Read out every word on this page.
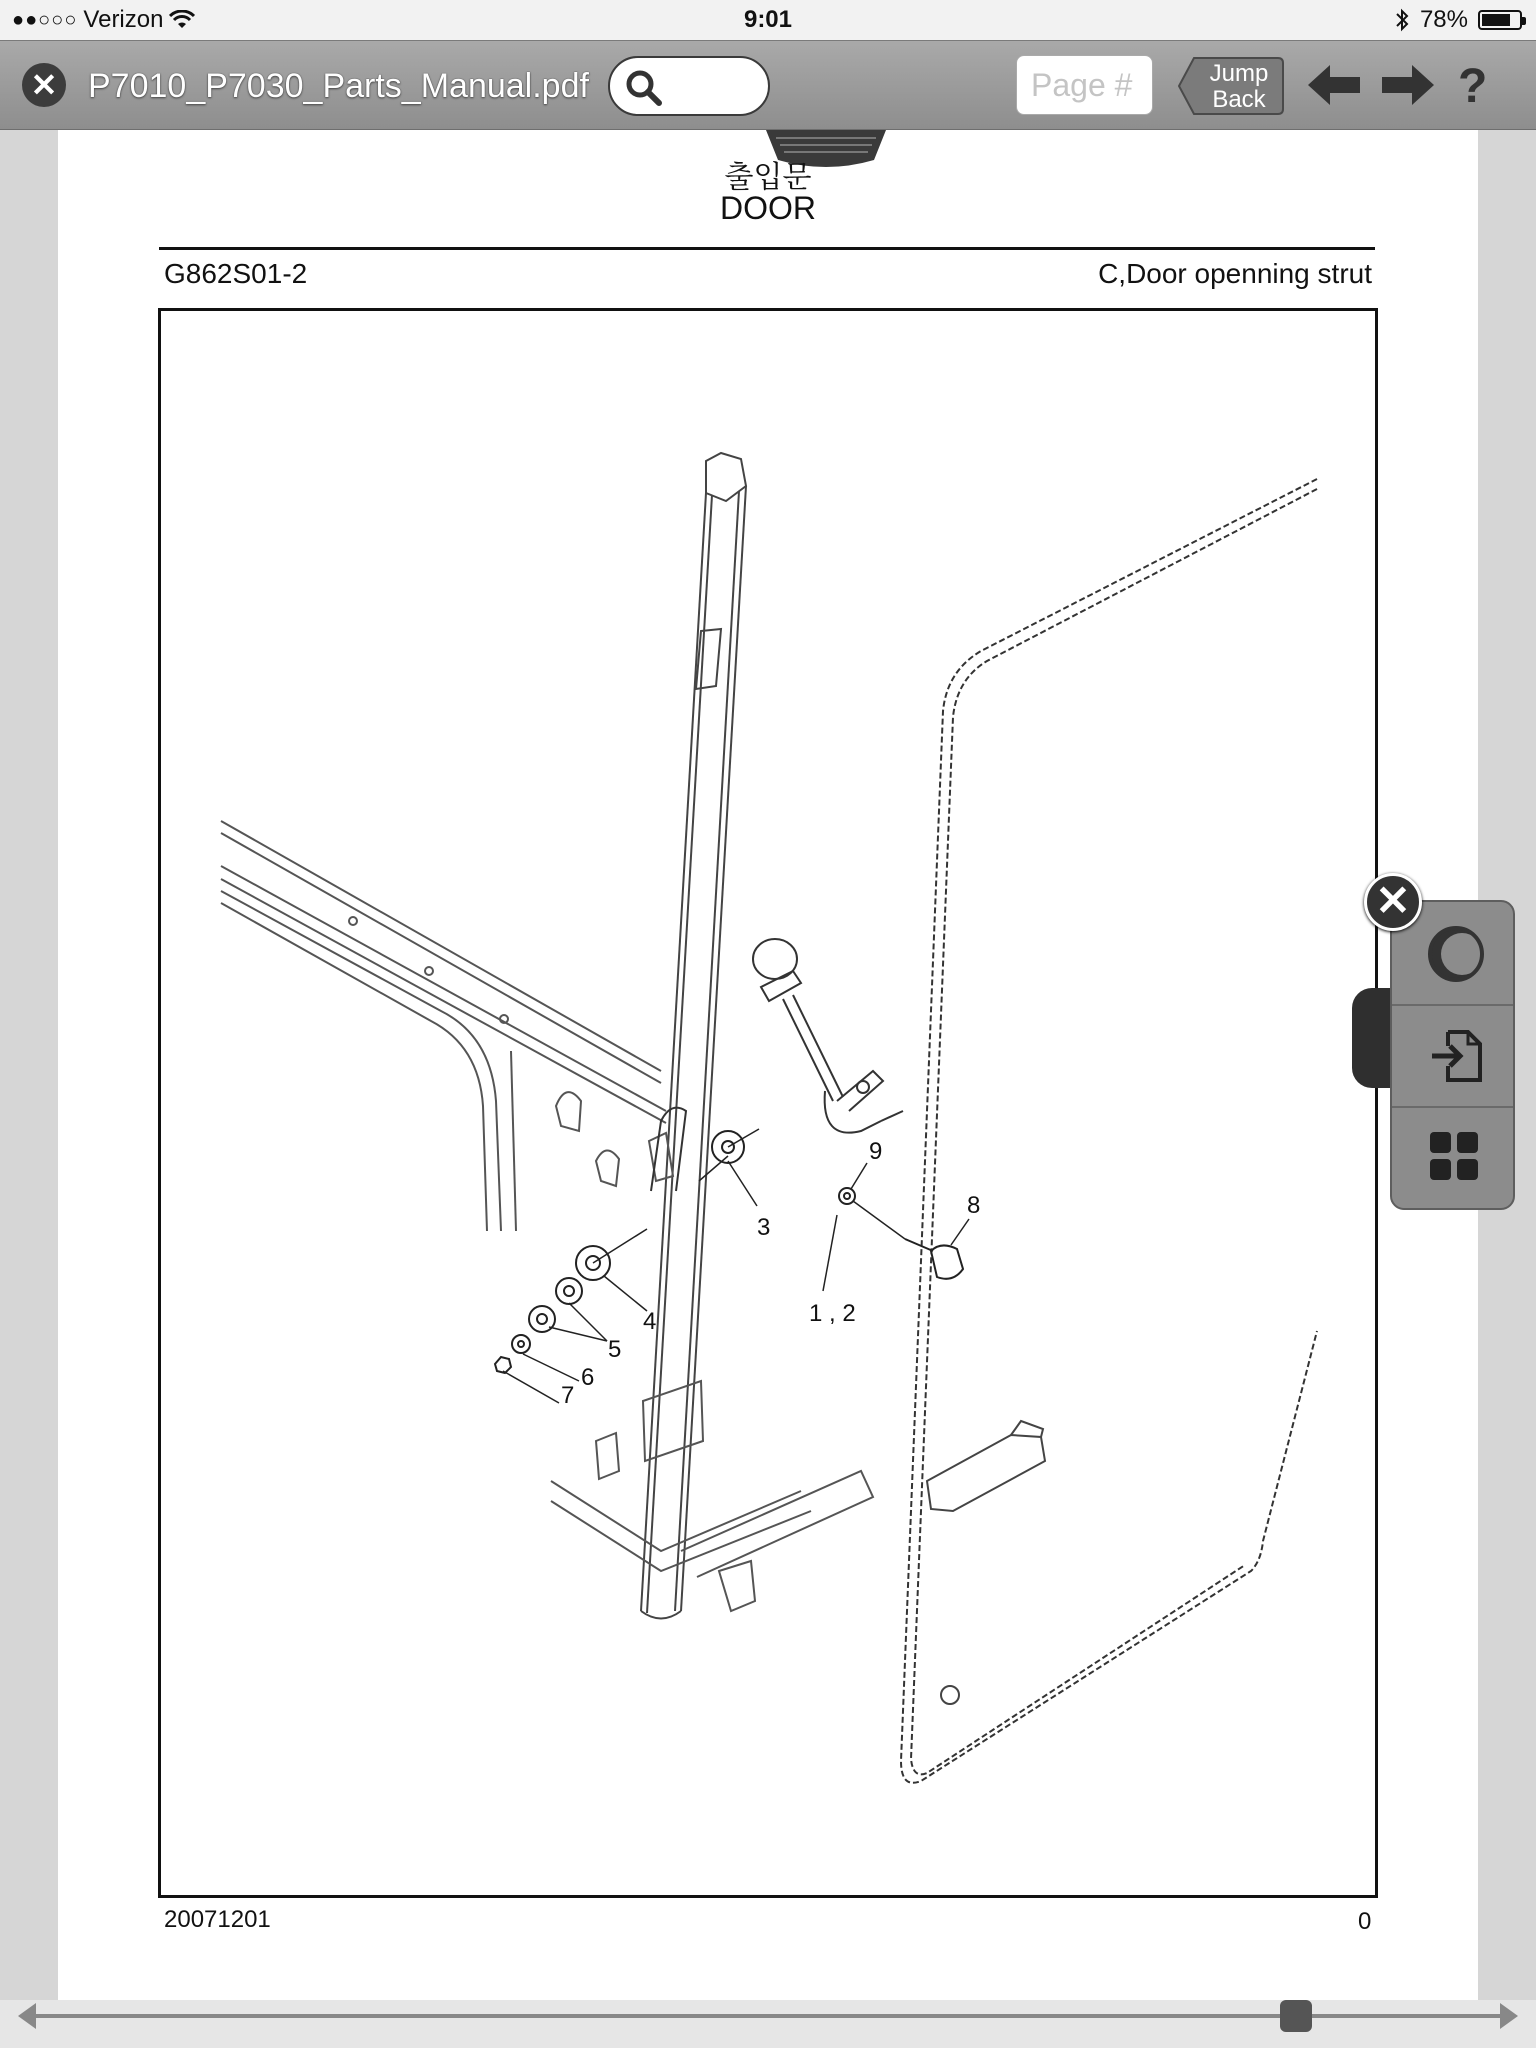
●●○○○ Verizon	9:01	78%
✕ P7010_P7030_Parts_Manual.pdf
Page #	Jump
Back	?
출입문
DOOR
G862S01-2	C,Door openning strut
9
8
3
4	1 , 2
5
6
7
20071201	0
✕
